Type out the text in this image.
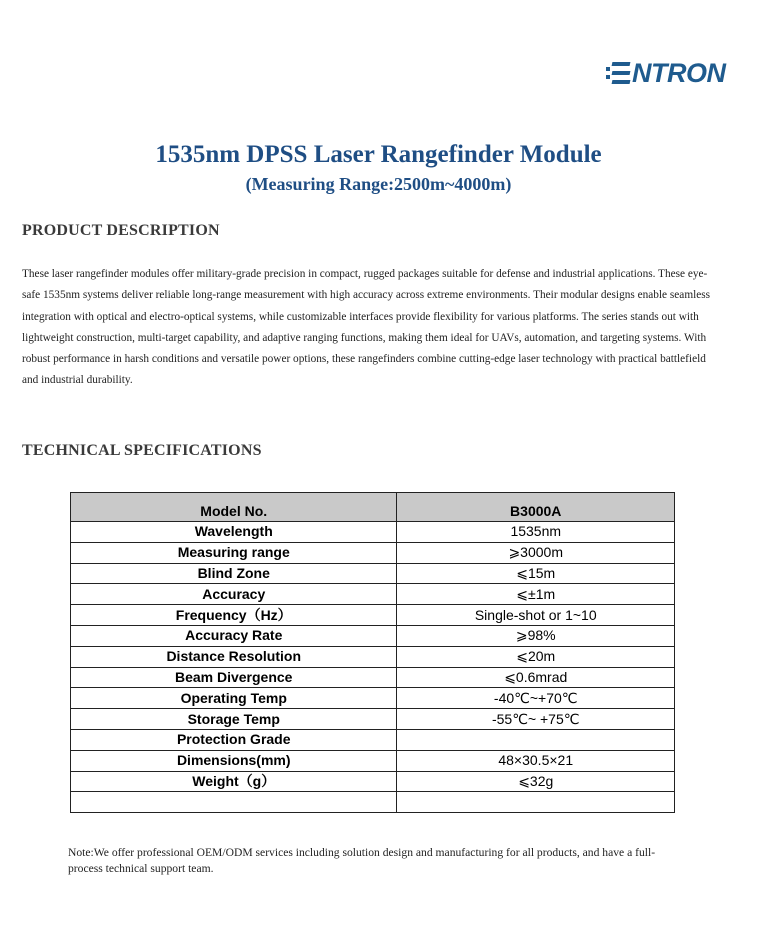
NTRON
1535nm DPSS Laser Rangefinder Module
(Measuring Range:2500m~4000m)
PRODUCT DESCRIPTION
These laser rangefinder modules offer military-grade precision in compact, rugged packages suitable for defense and industrial applications. These eye-safe 1535nm systems deliver reliable long-range measurement with high accuracy across extreme environments. Their modular designs enable seamless integration with optical and electro-optical systems, while customizable interfaces provide flexibility for various platforms. The series stands out with lightweight construction, multi-target capability, and adaptive ranging functions, making them ideal for UAVs, automation, and targeting systems. With robust performance in harsh conditions and versatile power options, these rangefinders combine cutting-edge laser technology with practical battlefield and industrial durability.
TECHNICAL SPECIFICATIONS
Model No.	B3000A
Wavelength	1535nm
Measuring range	⩾3000m
Blind Zone	⩽15m
Accuracy	⩽±1m
Frequency（Hz）	Single-shot or 1~10
Accuracy Rate	⩾98%
Distance Resolution	⩽20m
Beam Divergence	⩽0.6mrad
Operating Temp	-40℃~+70℃
Storage Temp	-55℃~ +75℃
Protection Grade	
Dimensions(mm)	48×30.5×21
Weight（g）	⩽32g

Note:We offer professional OEM/ODM services including solution design and manufacturing for all products, and have a full-process technical support team.
